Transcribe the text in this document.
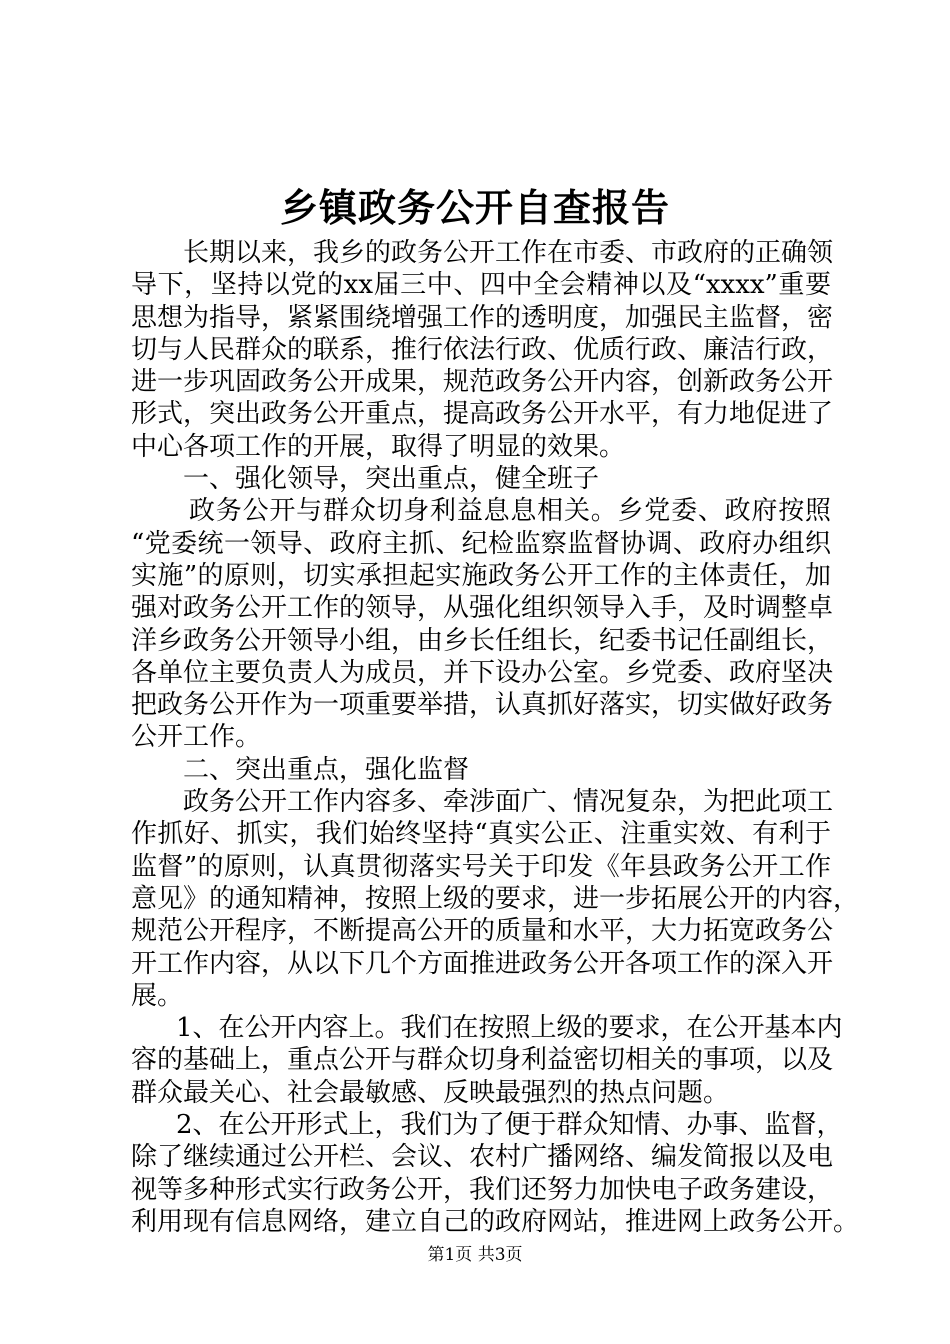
乡镇政务公开自查报告
长期以来，我乡的政务公开工作在市委、市政府的正确领
导下，坚持以党的xx届三中、四中全会精神以及“xxxx”重要
思想为指导，紧紧围绕增强工作的透明度，加强民主监督，密
切与人民群众的联系，推行依法行政、优质行政、廉洁行政，
进一步巩固政务公开成果，规范政务公开内容，创新政务公开
形式，突出政务公开重点，提高政务公开水平，有力地促进了
中心各项工作的开展，取得了明显的效果。
一、强化领导，突出重点，健全班子
政务公开与群众切身利益息息相关。乡党委、政府按照
“党委统一领导、政府主抓、纪检监察监督协调、政府办组织
实施”的原则，切实承担起实施政务公开工作的主体责任，加
强对政务公开工作的领导，从强化组织领导入手，及时调整卓
洋乡政务公开领导小组，由乡长任组长，纪委书记任副组长，
各单位主要负责人为成员，并下设办公室。乡党委、政府坚决
把政务公开作为一项重要举措，认真抓好落实，切实做好政务
公开工作。
二、突出重点，强化监督
政务公开工作内容多、牵涉面广、情况复杂，为把此项工
作抓好、抓实，我们始终坚持“真实公正、注重实效、有利于
监督”的原则，认真贯彻落实号关于印发《年县政务公开工作
意见》的通知精神，按照上级的要求，进一步拓展公开的内容，
规范公开程序，不断提高公开的质量和水平，大力拓宽政务公
开工作内容，从以下几个方面推进政务公开各项工作的深入开
展。
1、在公开内容上。我们在按照上级的要求，在公开基本内
容的基础上，重点公开与群众切身利益密切相关的事项，以及
群众最关心、社会最敏感、反映最强烈的热点问题。
2、在公开形式上，我们为了便于群众知情、办事、监督，
除了继续通过公开栏、会议、农村广播网络、编发简报以及电
视等多种形式实行政务公开，我们还努力加快电子政务建设，
利用现有信息网络，建立自己的政府网站，推进网上政务公开。
第1页 共3页
